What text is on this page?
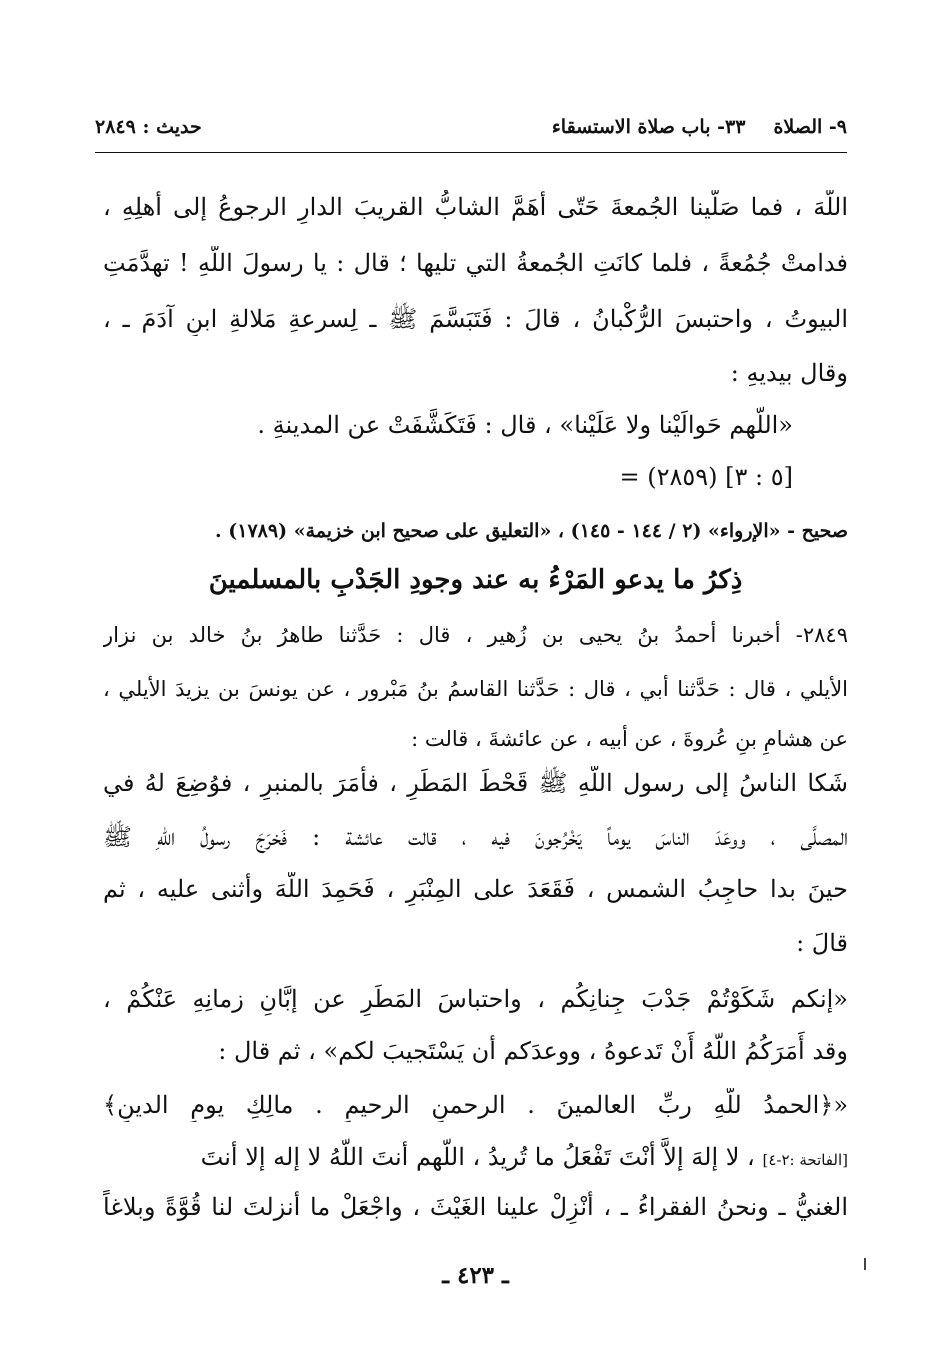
٩- الصلاة٣٣- باب صلاة الاستسقاء
حديث : ٢٨٤٩
اللّهَ ، فما صَلَّينا الجُمعةَ حَتّى أَهَمَّ الشابُّ القريبَ الدارِ الرجوعُ إلى أهلِهِ ،
فدامتْ جُمُعةً ، فلما كانَتِ الجُمعةُ التي تليها ؛ قال : يا رسولَ اللّهِ ! تهدَّمَتِ
البيوتُ ، واحتبسَ الرُّكْبانُ ، قالَ : فَتَبَسَّمَ ﷺ ـ لِسرعةِ مَلالةِ ابنِ آدَمَ ـ ،
وقال بيديهِ :
«اللّهم حَوالَيْنا ولا عَلَيْنا» ، قال : فَتَكَشَّفَتْ عن المدينةِ .
= (٢٨٥٩) [٥ : ٣]
صحيح - «الإرواء» (٢ / ١٤٤ - ١٤٥) ، «التعليق على صحيح ابن خزيمة» (١٧٨٩) .
ذِكرُ ما يدعو المَرْءُ به عند وجودِ الجَدْبِ بالمسلمينَ
٢٨٤٩- أخبرنا أحمدُ بنُ يحيى بن زُهير ، قال : حَدَّثنا طاهرُ بنُ خالد بن نزار
الأيلي ، قال : حَدَّثنا أبي ، قال : حَدَّثنا القاسمُ بنُ مَبْرور ، عن يونسَ بن يزيدَ الأيلي ،
عن هشامِ بنِ عُروةَ ، عن أبيه ، عن عائشةَ ، قالت :
شَكا الناسُ إلى رسول اللّهِ ﷺ قَحْطَ المَطَرِ ، فأمَرَ بالمنبرِ ، فوُضِعَ لهُ في
المصلَّى ، ووعَدَ الناسَ يوماً يَخْرُجونَ فيه ، قالت عائشة : فَخرَجَ رسولُ اللّهِ ﷺ
حينَ بدا حاجِبُ الشمس ، فَقَعَدَ على المِنْبَرِ ، فَحَمِدَ اللّهَ وأثنى عليه ، ثم
قالَ :
«إنكم شَكَوْتُمْ جَدْبَ جِنانِكُم ، واحتباسَ المَطَرِ عن إبَّانِ زمانِهِ عَنْكُمْ ،
وقد أَمَرَكُمُ اللّهُ أَنْ تَدعوهُ ، ووعدَكم أن يَسْتَجيبَ لكم» ، ثم قال :
«﴿الحمدُ للّهِ ربِّ العالمينَ . الرحمنِ الرحيمِ . مالِكِ يومِ الدينِ﴾
[الفاتحة :٢-٤] ، لا إلهَ إلاَّ أنْتَ تَفْعَلُ ما تُريدُ ، اللّهم أنتَ اللّهُ لا إله إلا أنتَ
الغنيُّ ـ ونحنُ الفقراءُ ـ ، أَنْزِلْ علينا الغَيْثَ ، واجْعَلْ ما أنزلتَ لنا قُوَّةً وبلاغاً
ـ ٤٢٣ ـ
